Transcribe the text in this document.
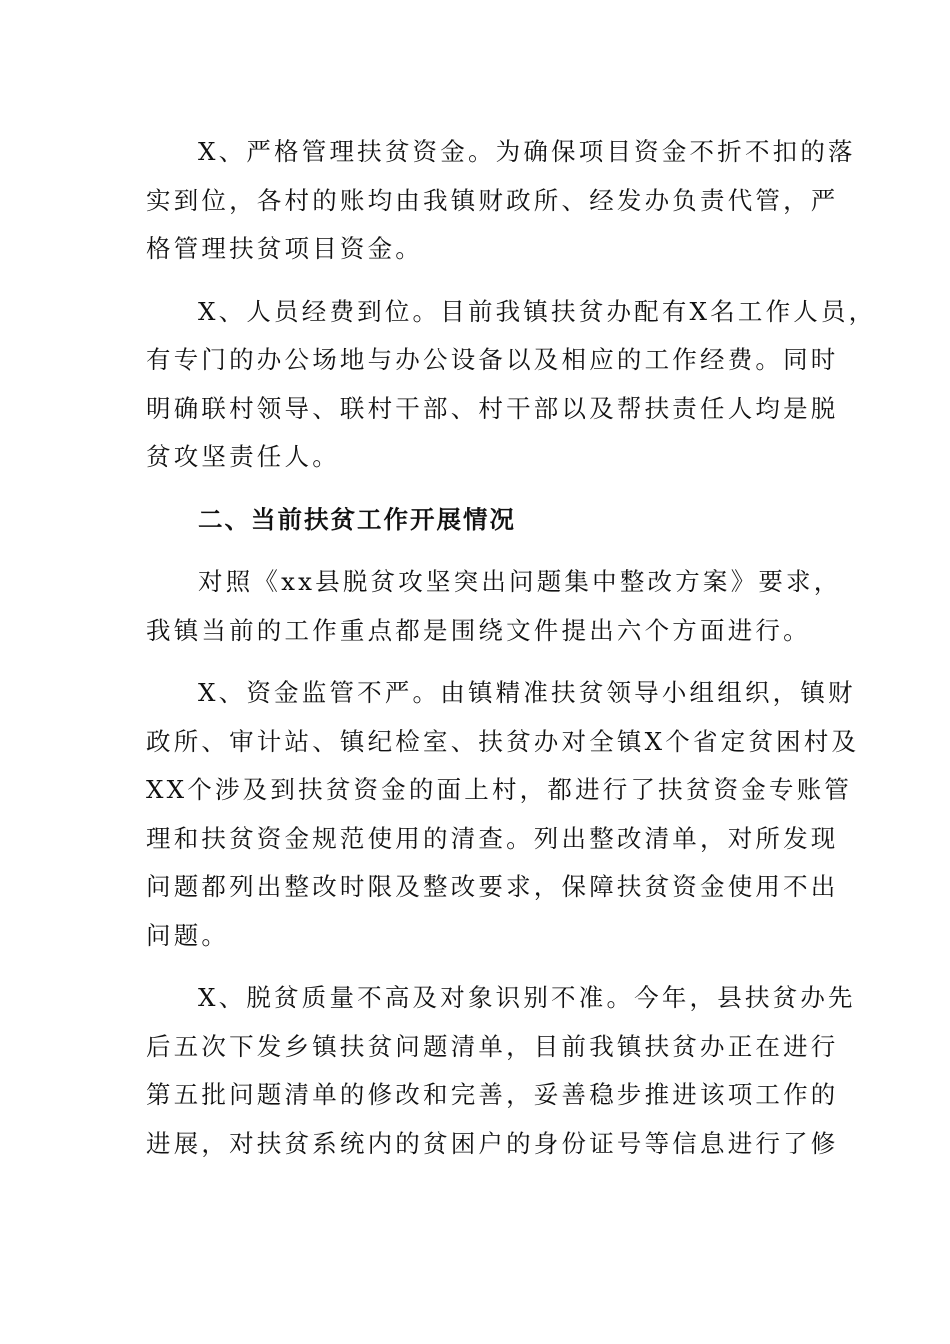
X、严格管理扶贫资金。为确保项目资金不折不扣的落
实到位，各村的账均由我镇财政所、经发办负责代管，严
格管理扶贫项目资金。
X、人员经费到位。目前我镇扶贫办配有X名工作人员，
有专门的办公场地与办公设备以及相应的工作经费。同时
明确联村领导、联村干部、村干部以及帮扶责任人均是脱
贫攻坚责任人。
二、当前扶贫工作开展情况
对照《xx县脱贫攻坚突出问题集中整改方案》要求，
我镇当前的工作重点都是围绕文件提出六个方面进行。
X、资金监管不严。由镇精准扶贫领导小组组织，镇财
政所、审计站、镇纪检室、扶贫办对全镇X个省定贫困村及
XX个涉及到扶贫资金的面上村，都进行了扶贫资金专账管
理和扶贫资金规范使用的清查。列出整改清单，对所发现
问题都列出整改时限及整改要求，保障扶贫资金使用不出
问题。
X、脱贫质量不高及对象识别不准。今年，县扶贫办先
后五次下发乡镇扶贫问题清单，目前我镇扶贫办正在进行
第五批问题清单的修改和完善，妥善稳步推进该项工作的
进展，对扶贫系统内的贫困户的身份证号等信息进行了修
